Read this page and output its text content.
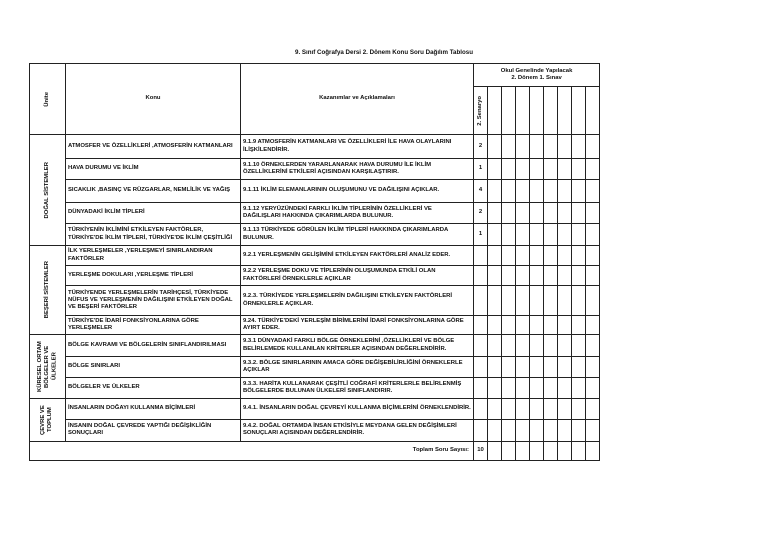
9. Sınıf Coğrafya Dersi 2. Dönem Konu Soru Dağılım Tablosu
Ünite	Konu	Kazanımlar ve Açıklamaları	Okul Genelinde Yapılacak
2. Dönem 1. Sınav								

			2. Senaryo								

DOĞAL SİSTEMLER	ATMOSFER VE ÖZELLİKLERİ ,ATMOSFERİN KATMANLARI	9.1.9 ATMOSFERİN KATMANLARI VE ÖZELLİKLERİ İLE HAVA OLAYLARINI İLİŞKİLENDİRİR.	2								
	HAVA DURUMU VE İKLİM	9.1.10 ÖRNEKLERDEN YARARLANARAK HAVA DURUMU İLE İKLİM ÖZELLİKLERİNİ ETKİLERİ AÇISINDAN KARŞILAŞTIRIR.	1								
	SICAKLIK ,BASINÇ VE RÜZGARLAR, NEMLİLİK VE YAĞIŞ	9.1.11 İKLİM ELEMANLARININ OLUŞUMUNU VE DAĞILIŞINI AÇIKLAR.	4								
	DÜNYADAKİ İKLİM TİPLERİ	9.1.12 YERYÜZÜNDEKİ FARKLI İKLİM TİPLERİNİN ÖZELLİKLERİ VE DAĞILIŞLARI HAKKINDA ÇIKARIMLARDA BULUNUR.	2								
	TÜRKİYENİN İKLİMİNİ ETKİLEYEN FAKTÖRLER, TÜRKİYE'DE İKLİM TİPLERİ, TÜRKİYE'DE İKLİM ÇEŞİTLİĞİ	9.1.13 TÜRKİYEDE GÖRÜLEN İKLİM TİPLERİ HAKKINDA ÇIKARIMLARDA BULUNUR.	1								

BEŞERİ SİSTEMLER	İLK YERLEŞMELER ,YERLEŞMEYİ SINIRLANDIRAN FAKTÖRLER	9.2.1 YERLEŞMENİN GELİŞİMİNİ ETKİLEYEN FAKTÖRLERİ ANALİZ EDER.									
	YERLEŞME DOKULARI ,YERLEŞME TİPLERİ	9.2.2 YERLEŞME DOKU VE TİPLERİNİN OLUŞUMUNDA ETKİLİ OLAN FAKTÖRLERİ ÖRNEKLERLE AÇIKLAR									
	TÜRKİYENDE YERLEŞMELERİN TARİHÇESİ, TÜRKİYEDE NÜFUS VE YERLEŞMENİN DAĞILIŞINI ETKİLEYEN DOĞAL VE BEŞERİ FAKTÖRLER	9.2.3. TÜRKİYEDE YERLEŞMELERİN DAĞILIŞINI ETKİLEYEN FAKTÖRLERİ ÖRNEKLERLE AÇIKLAR.									
	TÜRKİYE'DE İDARİ FONKSİYONLARINA GÖRE YERLEŞMELER	9.24. TÜRKİYE'DEKİ YERLEŞİM BİRİMLERİNİ İDARİ FONKSİYONLARINA GÖRE AYIRT EDER.									

KÜRESEL ORTAM BÖLGELER VE ÜLKELER	BÖLGE KAVRAMI VE BÖLGELERİN SINIFLANDIRILMASI	9.3.1 DÜNYADAKİ FARKLI BÖLGE ÖRNEKLERİNİ ,ÖZELLİKLERİ VE BÖLGE BELİRLEMEDE KULLANILAN KRİTERLER AÇISINDAN DEĞERLENDİRİR.									
	BÖLGE SINIRLARI	9.3.2. BÖLGE SINIRLARININ AMACA GÖRE DEĞİŞEBİLİRLİĞİNİ ÖRNEKLERLE AÇIKLAR									
	BÖLGELER VE ÜLKELER	9.3.3. HARİTA KULLANARAK ÇEŞİTLİ COĞRAFİ KRİTERLERLE BELİRLENMİŞ BÖLGELERDE BULUNAN ÜLKELERİ SINIFLANDIRIR.									

ÇEVRE VE TOPLUM	İNSANLARIN DOĞAYI KULLANMA BİÇİMLERİ	9.4.1. İNSANLARIN DOĞAL ÇEVREYİ KULLANMA BİÇİMLERİNİ ÖRNEKLENDİRİR.									
	İNSANIN DOĞAL ÇEVREDE YAPTIĞI DEĞİŞİKLİĞİN SONUÇLARI	9.4.2. DOĞAL ORTAMDA İNSAN ETKİSİYLE MEYDANA GELEN DEĞİŞİMLERİ SONUÇLARI AÇISINDAN DEĞERLENDİRİR.									
Toplam Soru Sayısı:			10								
